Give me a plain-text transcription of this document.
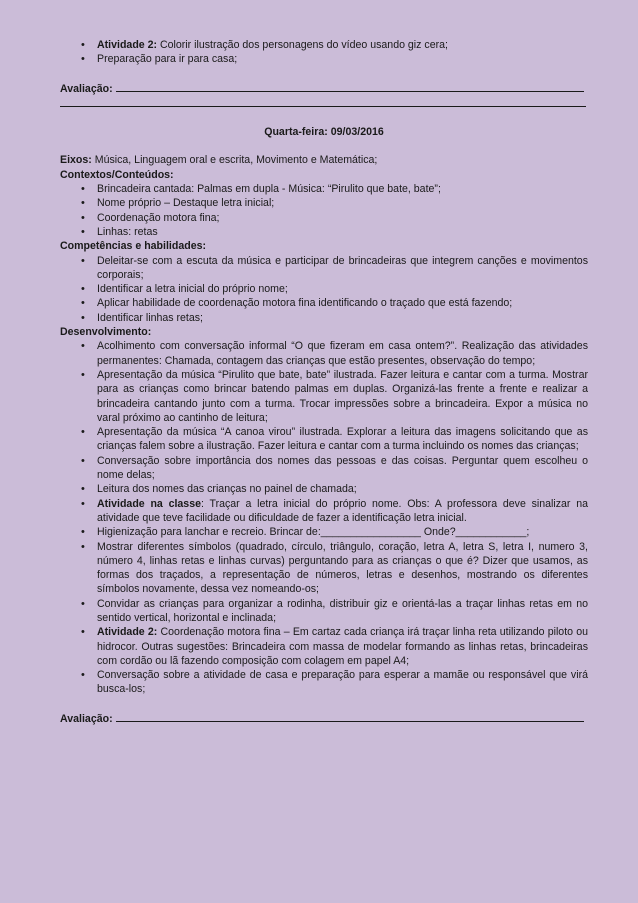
• Atividade 2: Colorir ilustração dos personagens do vídeo usando giz cera;
• Preparação para ir para casa;

Avaliação:

Quarta-feira: 09/03/2016

Eixos: Música, Linguagem oral e escrita, Movimento e Matemática;

Contextos/Conteúdos:

• Brincadeira cantada: Palmas em dupla - Música: “Pirulito que bate, bate”;
• Nome próprio – Destaque letra inicial;
• Coordenação motora fina;
• Linhas: retas

Competências e habilidades:

• Deleitar-se com a escuta da música e participar de brincadeiras que integrem canções e movimentos corporais;
• Identificar a letra inicial do próprio nome;
• Aplicar habilidade de coordenação motora fina identificando o traçado que está fazendo;
• Identificar linhas retas;

Desenvolvimento:

• Acolhimento com conversação informal “O que fizeram em casa ontem?”. Realização das atividades permanentes: Chamada, contagem das crianças que estão presentes, observação do tempo;
• Apresentação da música “Pirulito que bate, bate” ilustrada. Fazer leitura e cantar com a turma. Mostrar para as crianças como brincar batendo palmas em duplas. Organizá-las frente a frente e realizar a brincadeira cantando junto com a turma. Trocar impressões sobre a brincadeira. Expor a música no varal próximo ao cantinho de leitura;
• Apresentação da música “A canoa virou” ilustrada. Explorar a leitura das imagens solicitando que as crianças falem sobre a ilustração. Fazer leitura e cantar com a turma incluindo os nomes das crianças;
• Conversação sobre importância dos nomes das pessoas e das coisas. Perguntar quem escolheu o nome delas;
• Leitura dos nomes das crianças no painel de chamada;
• Atividade na classe: Traçar a letra inicial do próprio nome. Obs: A professora deve sinalizar na atividade que teve facilidade ou dificuldade de fazer a identificação letra inicial.
• Higienização para lanchar e recreio. Brincar de:_________________ Onde?____________;
• Mostrar diferentes símbolos (quadrado, círculo, triângulo, coração, letra A, letra S, letra I, numero 3, número 4, linhas retas e linhas curvas) perguntando para as crianças o que é? Dizer que usamos, as formas dos traçados, a representação de números, letras e desenhos, mostrando os diferentes símbolos novamente, dessa vez nomeando-os;
• Convidar as crianças para organizar a rodinha, distribuir giz e orientá-las a traçar linhas retas em no sentido vertical, horizontal e inclinada;
• Atividade 2: Coordenação motora fina – Em cartaz cada criança irá traçar linha reta utilizando piloto ou hidrocor. Outras sugestões: Brincadeira com massa de modelar formando as linhas retas, brincadeiras com cordão ou lã fazendo composição com colagem em papel A4;
• Conversação sobre a atividade de casa e preparação para esperar a mamãe ou responsável que virá busca-los;

Avaliação:
